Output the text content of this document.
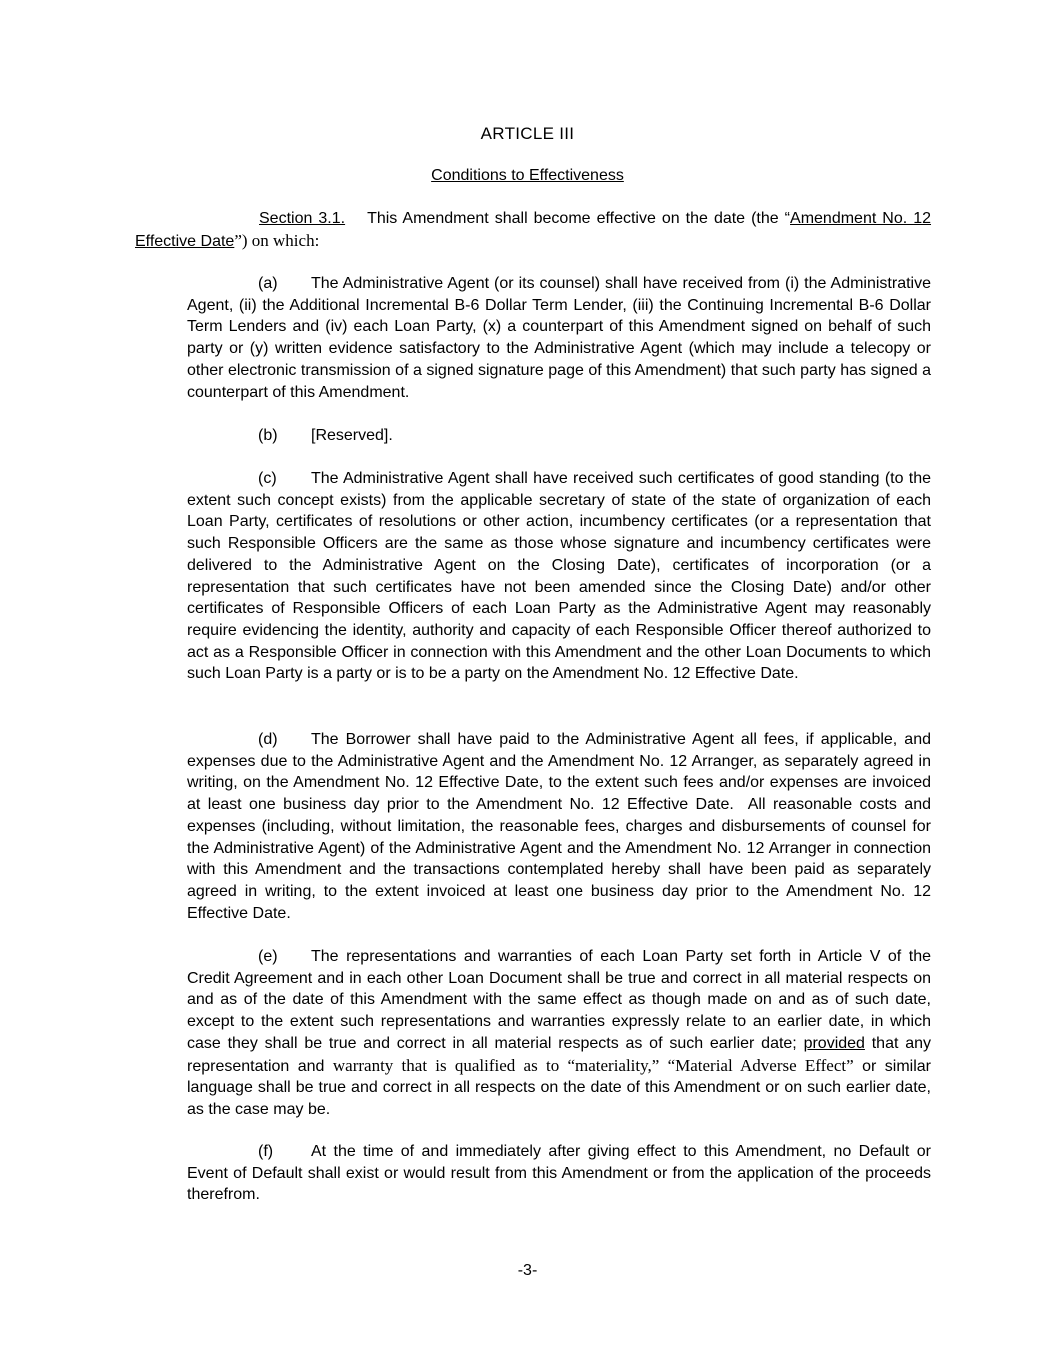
ARTICLE III
Conditions to Effectiveness

Section 3.1. This Amendment shall become effective on the date (the “Amendment No. 12 Effective Date”) on which:

(a) The Administrative Agent (or its counsel) shall have received from (i) the Administrative Agent, (ii) the Additional Incremental B-6 Dollar Term Lender, (iii) the Continuing Incremental B-6 Dollar Term Lenders and (iv) each Loan Party, (x) a counterpart of this Amendment signed on behalf of such party or (y) written evidence satisfactory to the Administrative Agent (which may include a telecopy or other electronic transmission of a signed signature page of this Amendment) that such party has signed a counterpart of this Amendment.

(b) [Reserved].

(c) The Administrative Agent shall have received such certificates of good standing (to the extent such concept exists) from the applicable secretary of state of the state of organization of each Loan Party, certificates of resolutions or other action, incumbency certificates (or a representation that such Responsible Officers are the same as those whose signature and incumbency certificates were delivered to the Administrative Agent on the Closing Date), certificates of incorporation (or a representation that such certificates have not been amended since the Closing Date) and/or other certificates of Responsible Officers of each Loan Party as the Administrative Agent may reasonably require evidencing the identity, authority and capacity of each Responsible Officer thereof authorized to act as a Responsible Officer in connection with this Amendment and the other Loan Documents to which such Loan Party is a party or is to be a party on the Amendment No. 12 Effective Date.

(d) The Borrower shall have paid to the Administrative Agent all fees, if applicable, and expenses due to the Administrative Agent and the Amendment No. 12 Arranger, as separately agreed in writing, on the Amendment No. 12 Effective Date, to the extent such fees and/or expenses are invoiced at least one business day prior to the Amendment No. 12 Effective Date.  All reasonable costs and expenses (including, without limitation, the reasonable fees, charges and disbursements of counsel for the Administrative Agent) of the Administrative Agent and the Amendment No. 12 Arranger in connection with this Amendment and the transactions contemplated hereby shall have been paid as separately agreed in writing, to the extent invoiced at least one business day prior to the Amendment No. 12 Effective Date.

(e) The representations and warranties of each Loan Party set forth in Article V of the Credit Agreement and in each other Loan Document shall be true and correct in all material respects on and as of the date of this Amendment with the same effect as though made on and as of such date, except to the extent such representations and warranties expressly relate to an earlier date, in which case they shall be true and correct in all material respects as of such earlier date; provided that any representation and warranty that is qualified as to “materiality,” “Material Adverse Effect” or similar language shall be true and correct in all respects on the date of this Amendment or on such earlier date, as the case may be.

(f) At the time of and immediately after giving effect to this Amendment, no Default or Event of Default shall exist or would result from this Amendment or from the application of the proceeds therefrom.

-3-
